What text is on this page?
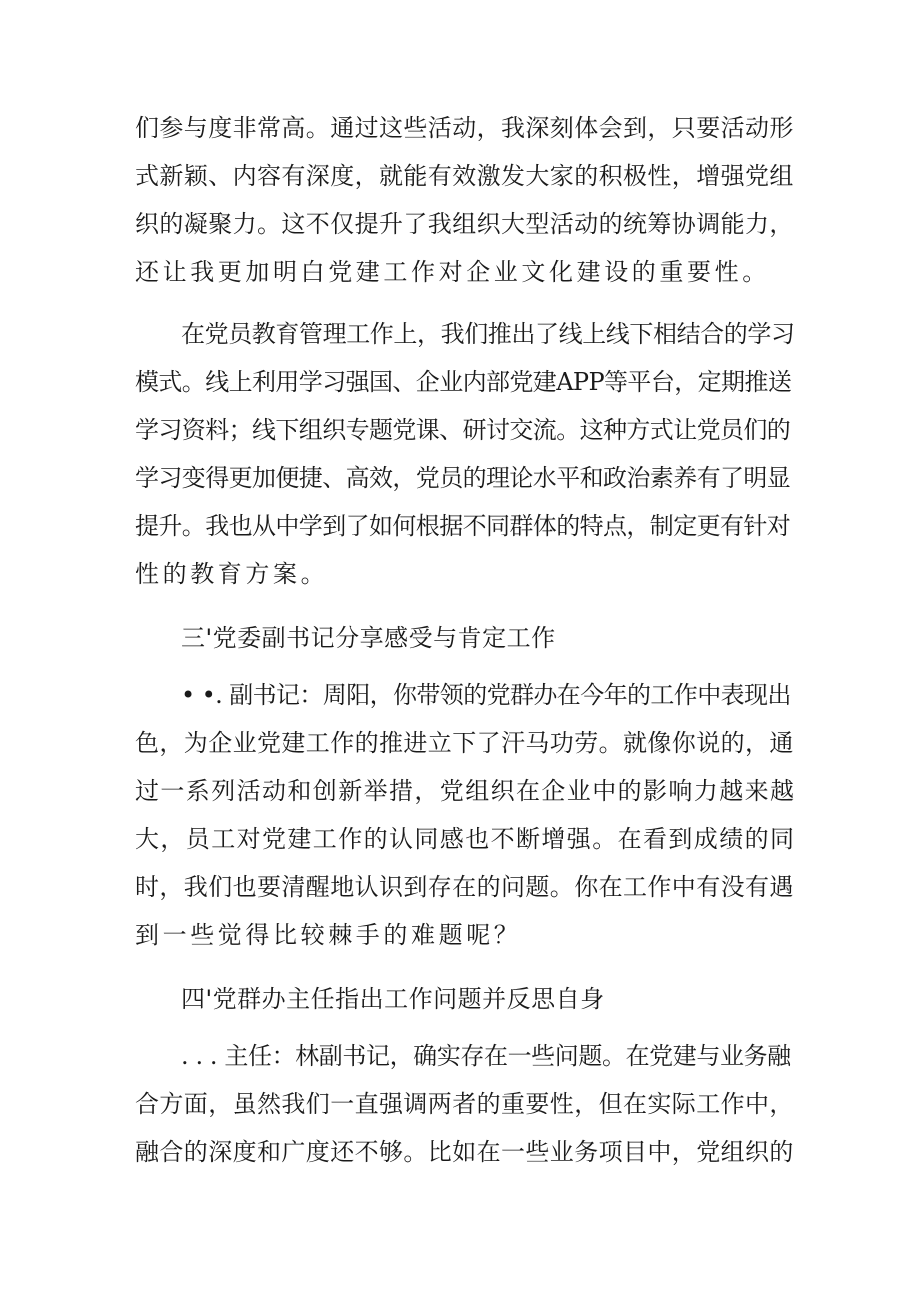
们参与度非常高。通过这些活动，我深刻体会到，只要活动形
式新颖、内容有深度，就能有效激发大家的积极性，增强党组
织的凝聚力。这不仅提升了我组织大型活动的统筹协调能力，
还让我更加明白党建工作对企业文化建设的重要性。
在党员教育管理工作上，我们推出了线上线下相结合的学习
模式。线上利用学习强国、企业内部党建APP等平台，定期推送
学习资料；线下组织专题党课、研讨交流。这种方式让党员们的
学习变得更加便捷、高效，党员的理论水平和政治素养有了明显
提升。我也从中学到了如何根据不同群体的特点，制定更有针对
性的教育方案。
三'党委副书记分享感受与肯定工作
• •. 副书记：周阳，你带领的党群办在今年的工作中表现出
色，为企业党建工作的推进立下了汗马功劳。就像你说的，通
过一系列活动和创新举措，党组织在企业中的影响力越来越
大，员工对党建工作的认同感也不断增强。在看到成绩的同
时，我们也要清醒地认识到存在的问题。你在工作中有没有遇
到一些觉得比较棘手的难题呢？
四'党群办主任指出工作问题并反思自身
. . . 主任：林副书记，确实存在一些问题。在党建与业务融
合方面，虽然我们一直强调两者的重要性，但在实际工作中，
融合的深度和广度还不够。比如在一些业务项目中，党组织的
